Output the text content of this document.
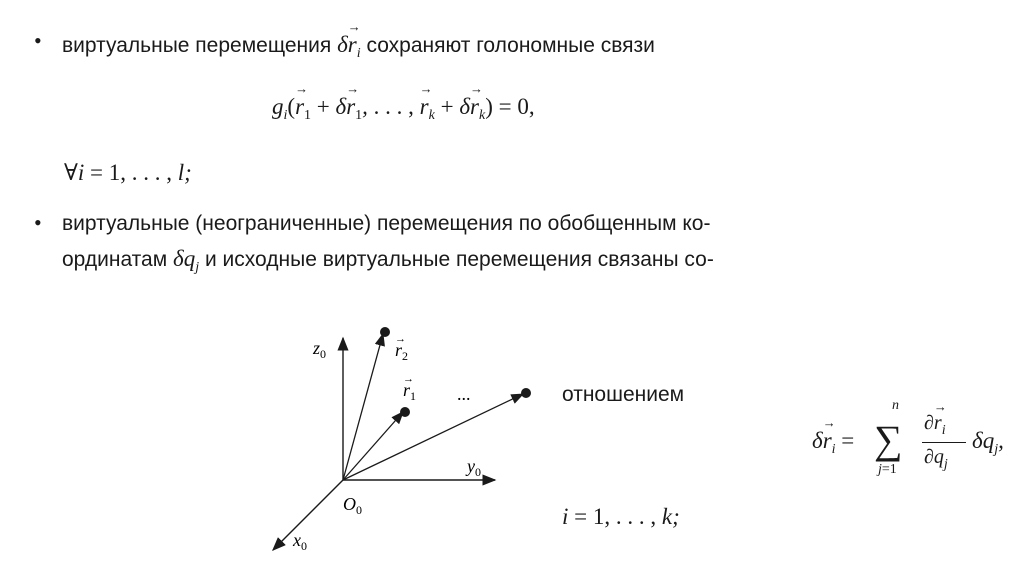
• виртуальные перемещения $\delta\to r_i$ сохраняют голономные связи
$g_i(\to r_1 + \delta\to r_1$, . . . , → $r_k + \delta\to r_k) = 0$,
∀i = 1, . . . , l;
• виртуальные (неограниченные) перемещения по обобщенным ко-
ординатам $\delta q_j$ и исходные виртуальные перемещения связаны со-
$z_0$
$y_0$
$x_0$
$O_0$
$r_2$
→
$r_1$
→
...	отношением
$\delta\to r_i$ = ∑
n
j=1
∂→ $r_i$
$\partial q_j$
$\delta q_j$,
i = 1, . . . , k;
